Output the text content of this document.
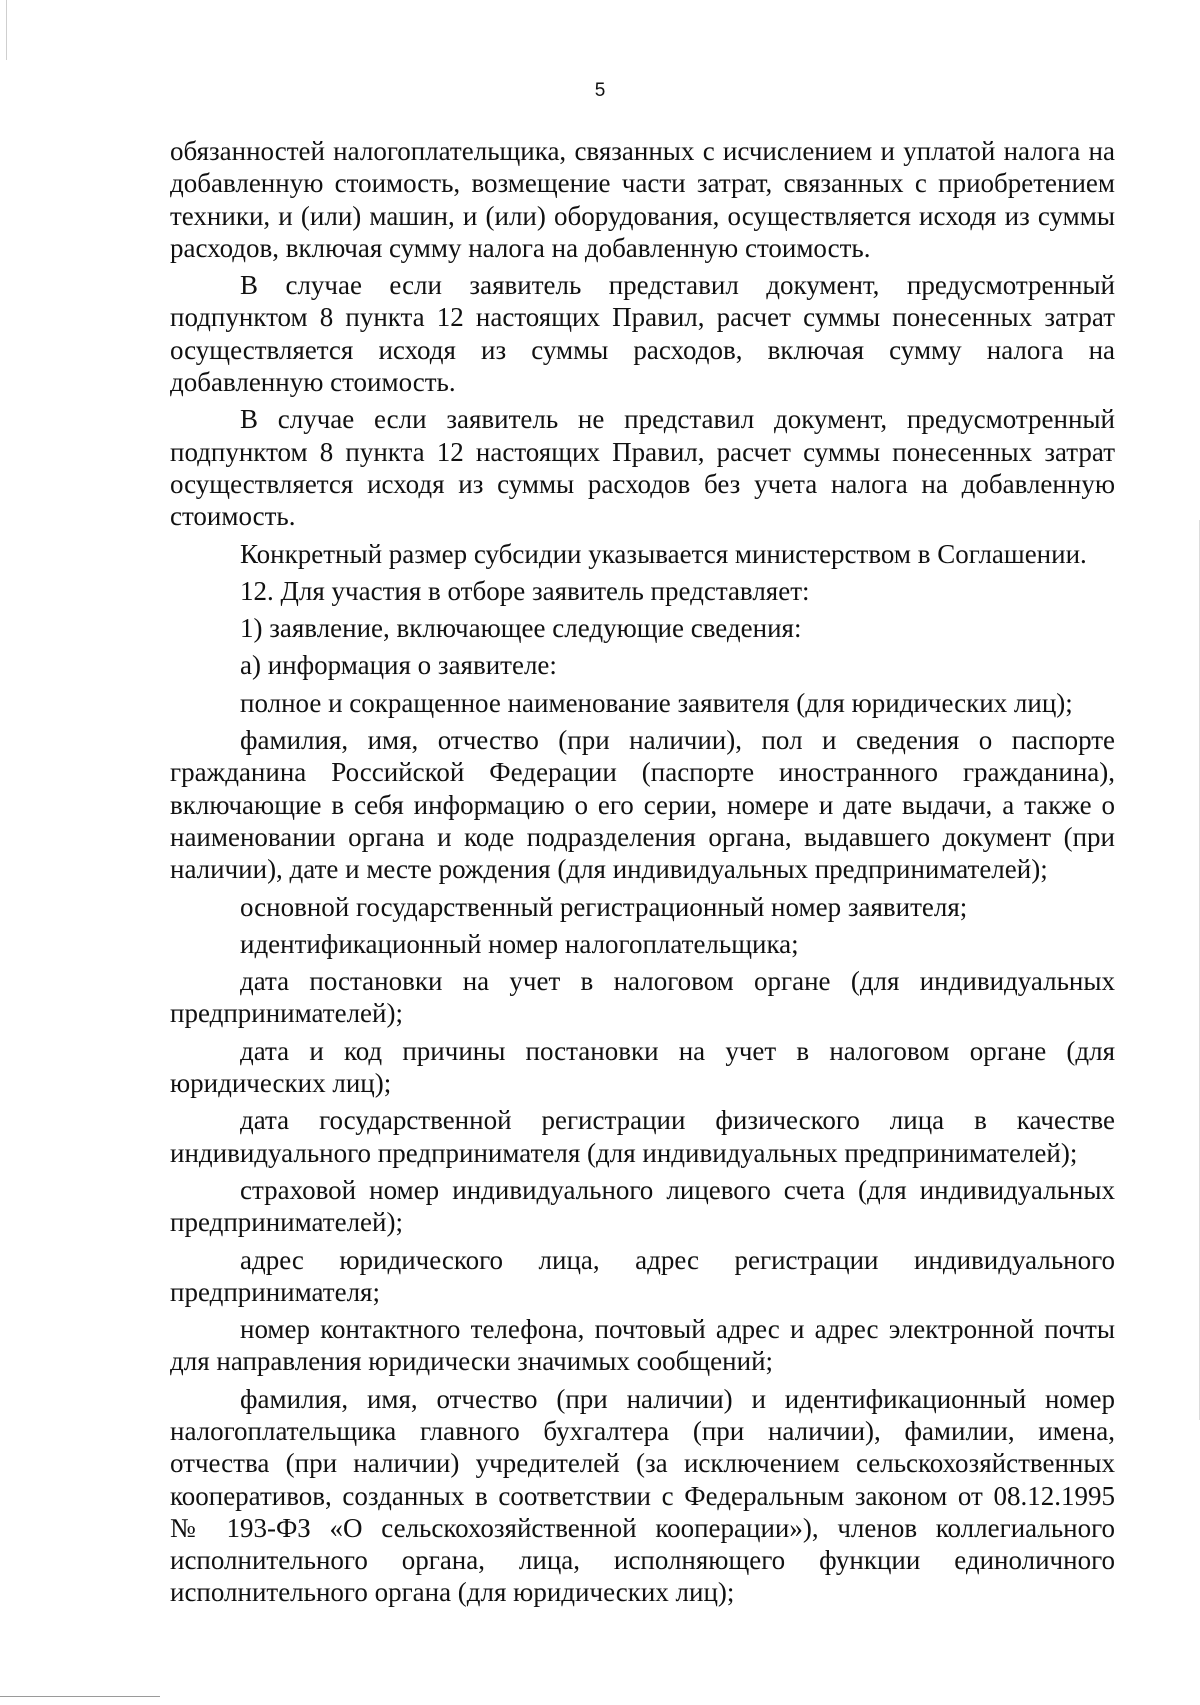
5

обязанностей налогоплательщика, связанных с исчислением и уплатой налога на добавленную стоимость, возмещение части затрат, связанных с приобретением техники, и (или) машин, и (или) оборудования, осуществляется исходя из суммы расходов, включая сумму налога на добавленную стоимость.

В случае если заявитель представил документ, предусмотренный подпунктом 8 пункта 12 настоящих Правил, расчет суммы понесенных затрат осуществляется исходя из суммы расходов, включая сумму налога на добавленную стоимость.

В случае если заявитель не представил документ, предусмотренный подпунктом 8 пункта 12 настоящих Правил, расчет суммы понесенных затрат осуществляется исходя из суммы расходов без учета налога на добавленную стоимость.

Конкретный размер субсидии указывается министерством в Соглашении.

12. Для участия в отборе заявитель представляет:

1) заявление, включающее следующие сведения:

а) информация о заявителе:

полное и сокращенное наименование заявителя (для юридических лиц);

фамилия, имя, отчество (при наличии), пол и сведения о паспорте гражданина Российской Федерации (паспорте иностранного гражданина), включающие в себя информацию о его серии, номере и дате выдачи, а также о наименовании органа и коде подразделения органа, выдавшего документ (при наличии), дате и месте рождения (для индивидуальных предпринимателей);

основной государственный регистрационный номер заявителя;

идентификационный номер налогоплательщика;

дата постановки на учет в налоговом органе (для индивидуальных предпринимателей);

дата и код причины постановки на учет в налоговом органе (для юридических лиц);

дата государственной регистрации физического лица в качестве индивидуального предпринимателя (для индивидуальных предпринимателей);

страховой номер индивидуального лицевого счета (для индивидуальных предпринимателей);

адрес юридического лица, адрес регистрации индивидуального предпринимателя;

номер контактного телефона, почтовый адрес и адрес электронной почты для направления юридически значимых сообщений;

фамилия, имя, отчество (при наличии) и идентификационный номер налогоплательщика главного бухгалтера (при наличии), фамилии, имена, отчества (при наличии) учредителей (за исключением сельскохозяйственных кооперативов, созданных в соответствии с Федеральным законом от 08.12.1995 № 193-ФЗ «О сельскохозяйственной кооперации»), членов коллегиального исполнительного органа, лица, исполняющего функции единоличного исполнительного органа (для юридических лиц);
